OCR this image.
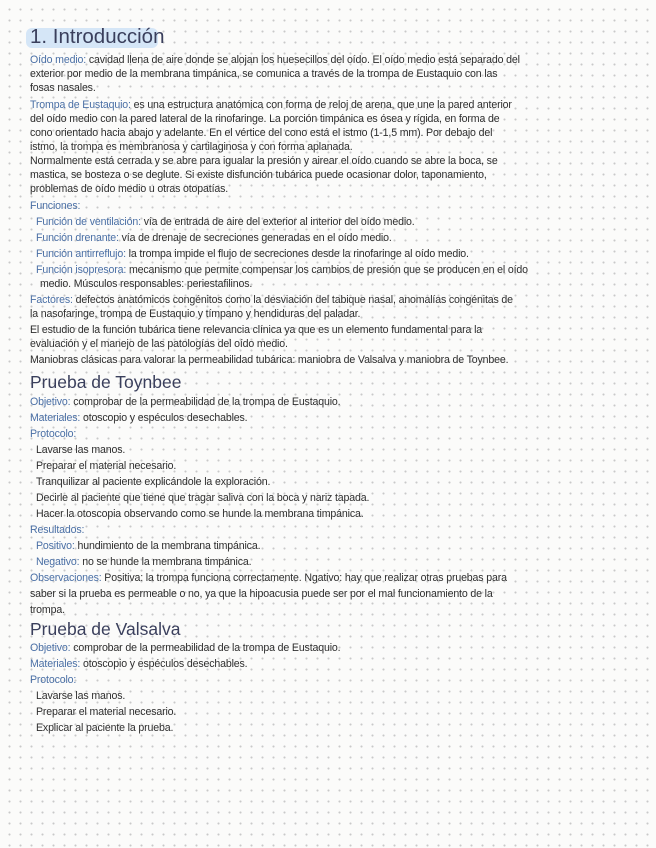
1. Introducción
Oído medio: cavidad llena de aire donde se alojan los huesecillos del oído. El oído medio está separado del
exterior por medio de la membrana timpánica, se comunica a través de la trompa de Eustaquio con las
fosas nasales.
Trompa de Eustaquio: es una estructura anatómica con forma de reloj de arena, que une la pared anterior
del oído medio con la pared lateral de la rinofaringe. La porción timpánica es ósea y rígida, en forma de
cono orientado hacia abajo y adelante. En el vértice del cono está el istmo (1-1,5 mm). Por debajo del
istmo, la trompa es membranosa y cartilaginosa y con forma aplanada.
Normalmente está cerrada y se abre para igualar la presión y airear el oído cuando se abre la boca, se
mastica, se bosteza o se deglute. Si existe disfunción tubárica puede ocasionar dolor, taponamiento,
problemas de oído medio u otras otopatías.
Funciones:
Función de ventilación: vía de entrada de aire del exterior al interior del oído medio.
Función drenante: vía de drenaje de secreciones generadas en el oído medio.
Función antirreflujo: la trompa impide el flujo de secreciones desde la rinofaringe al oído medio.
Función isopresora: mecanismo que permite compensar los cambios de presión que se producen en el oído
medio. Músculos responsables: periestafilinos.
Factores: defectos anatómicos congénitos como la desviación del tabique nasal, anomalías congénitas de
la nasofaringe, trompa de Eustaquio y tímpano y hendiduras del paladar.
El estudio de la función tubárica tiene relevancia clínica ya que es un elemento fundamental para la
evaluación y el manejo de las patologías del oído medio.
Maniobras clásicas para valorar la permeabilidad tubárica: maniobra de Valsalva y maniobra de Toynbee.
Prueba de Toynbee
Objetivo: comprobar de la permeabilidad de la trompa de Eustaquio.
Materiales: otoscopio y espéculos desechables.
Protocolo:
Lavarse las manos.
Preparar el material necesario.
Tranquilizar al paciente explicándole la exploración.
Decirle al paciente que tiene que tragar saliva con la boca y nariz tapada.
Hacer la otoscopia observando como se hunde la membrana timpánica.
Resultados:
Positivo: hundimiento de la membrana timpánica.
Negativo: no se hunde la membrana timpánica.
Observaciones: Positiva: la trompa funciona correctamente. Ngativo: hay que realizar otras pruebas para
saber si la prueba es permeable o no, ya que la hipoacusia puede ser por el mal funcionamiento de la
trompa.
Prueba de Valsalva
Objetivo: comprobar de la permeabilidad de la trompa de Eustaquio.
Materiales: otoscopio y espéculos desechables.
Protocolo:
Lavarse las manos.
Preparar el material necesario.
Explicar al paciente la prueba.
